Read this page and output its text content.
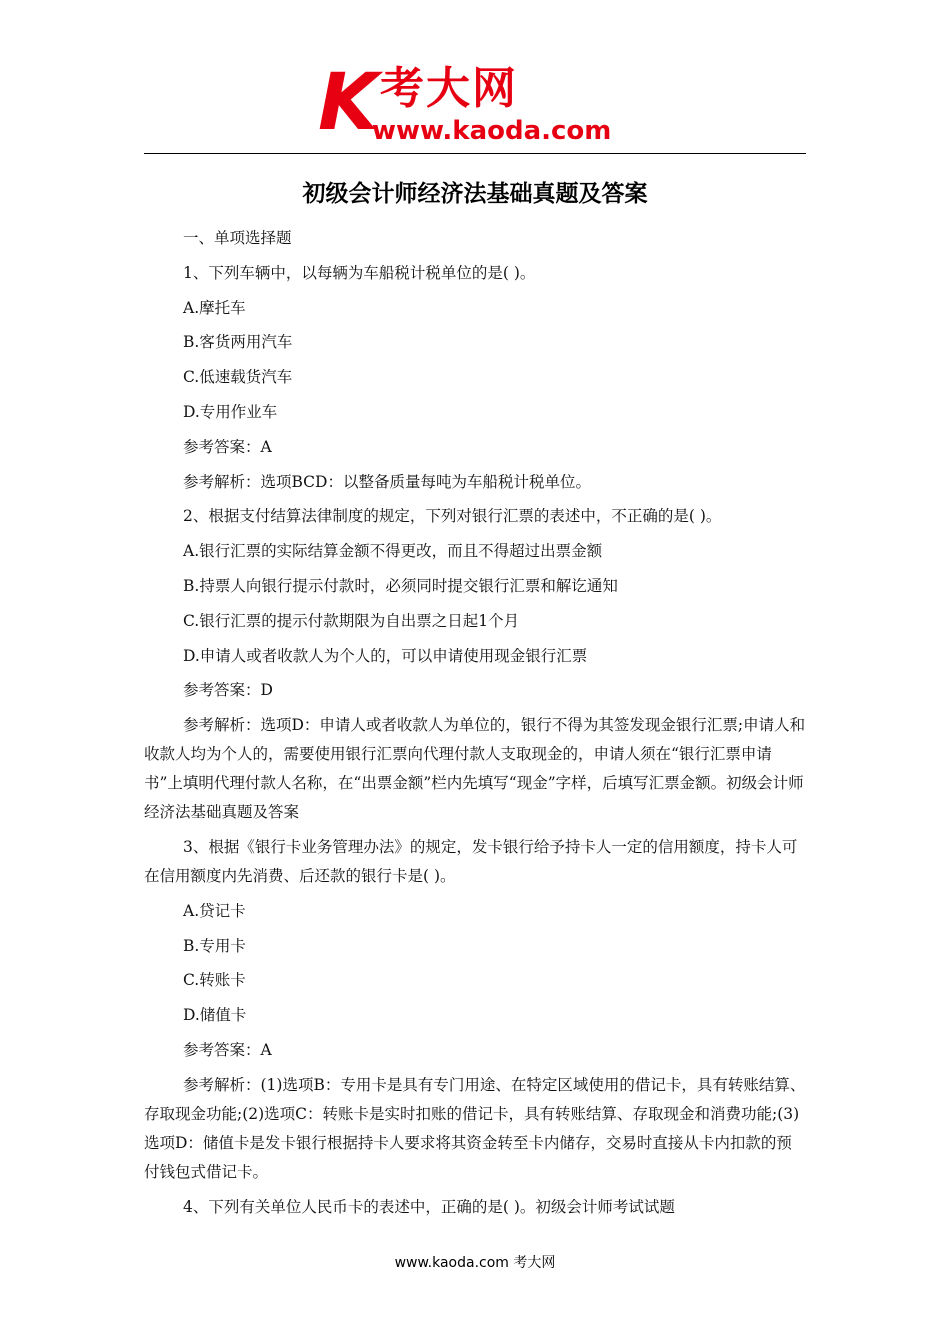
K 考大网
www.kaoda.com
初级会计师经济法基础真题及答案

一、单项选择题

1、下列车辆中，以每辆为车船税计税单位的是( )。

A.摩托车

B.客货两用汽车

C.低速载货汽车

D.专用作业车

参考答案：A

参考解析：选项BCD：以整备质量每吨为车船税计税单位。

2、根据支付结算法律制度的规定，下列对银行汇票的表述中，不正确的是( )。

A.银行汇票的实际结算金额不得更改，而且不得超过出票金额

B.持票人向银行提示付款时，必须同时提交银行汇票和解讫通知

C.银行汇票的提示付款期限为自出票之日起1个月

D.申请人或者收款人为个人的，可以申请使用现金银行汇票

参考答案：D

参考解析：选项D：申请人或者收款人为单位的，银行不得为其签发现金银行汇票;申请人和收款人均为个人的，需要使用银行汇票向代理付款人支取现金的，申请人须在“银行汇票申请书”上填明代理付款人名称，在“出票金额”栏内先填写“现金”字样，后填写汇票金额。初级会计师经济法基础真题及答案

3、根据《银行卡业务管理办法》的规定，发卡银行给予持卡人一定的信用额度，持卡人可在信用额度内先消费、后还款的银行卡是( )。

A.贷记卡

B.专用卡

C.转账卡

D.储值卡

参考答案：A

参考解析：(1)选项B：专用卡是具有专门用途、在特定区域使用的借记卡，具有转账结算、存取现金功能;(2)选项C：转账卡是实时扣账的借记卡，具有转账结算、存取现金和消费功能;(3)选项D：储值卡是发卡银行根据持卡人要求将其资金转至卡内储存，交易时直接从卡内扣款的预付钱包式借记卡。

4、下列有关单位人民币卡的表述中，正确的是( )。初级会计师考试试题

www.kaoda.com 考大网
